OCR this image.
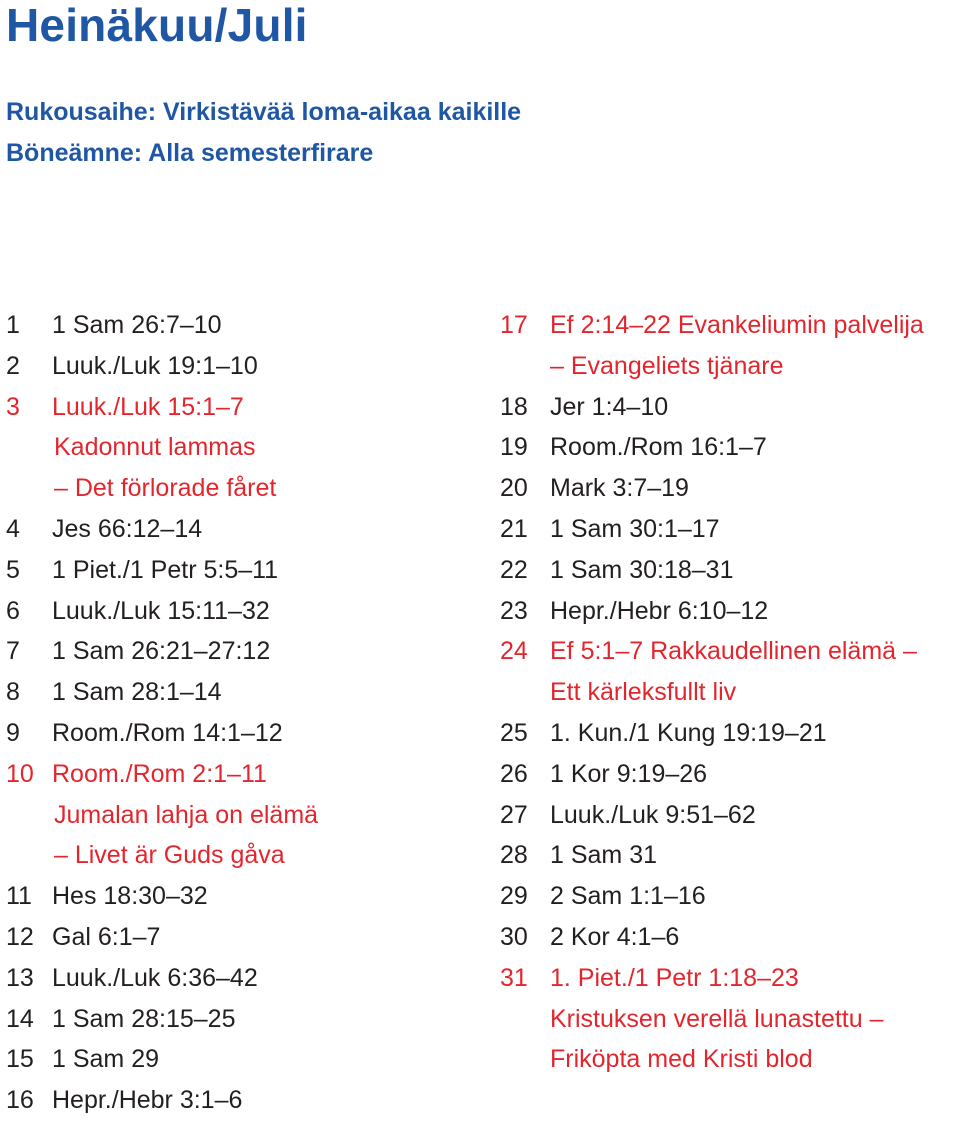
Heinäkuu/Juli
Rukousaihe: Virkistävää loma-aikaa kaikille
Böneämne: Alla semesterfirare
1 1 Sam 26:7–10
2 Luuk./Luk 19:1–10
3 Luuk./Luk 15:1–7
Kadonnut lammas
– Det förlorade fåret
4 Jes 66:12–14
5 1 Piet./1 Petr 5:5–11
6 Luuk./Luk 15:11–32
7 1 Sam 26:21–27:12
8 1 Sam 28:1–14
9 Room./Rom 14:1–12
10 Room./Rom 2:1–11
Jumalan lahja on elämä
– Livet är Guds gåva
11 Hes 18:30–32
12 Gal 6:1–7
13 Luuk./Luk 6:36–42
14 1 Sam 28:15–25
15 1 Sam 29
16 Hepr./Hebr 3:1–6
17 Ef 2:14–22 Evankeliumin palvelija
– Evangeliets tjänare
18 Jer 1:4–10
19 Room./Rom 16:1–7
20 Mark 3:7–19
21 1 Sam 30:1–17
22 1 Sam 30:18–31
23 Hepr./Hebr 6:10–12
24 Ef 5:1–7 Rakkaudellinen elämä –
Ett kärleksfullt liv
25 1. Kun./1 Kung 19:19–21
26 1 Kor 9:19–26
27 Luuk./Luk 9:51–62
28 1 Sam 31
29 2 Sam 1:1–16
30 2 Kor 4:1–6
31 1. Piet./1 Petr 1:18–23
Kristuksen verellä lunastettu –
Friköpta med Kristi blod
